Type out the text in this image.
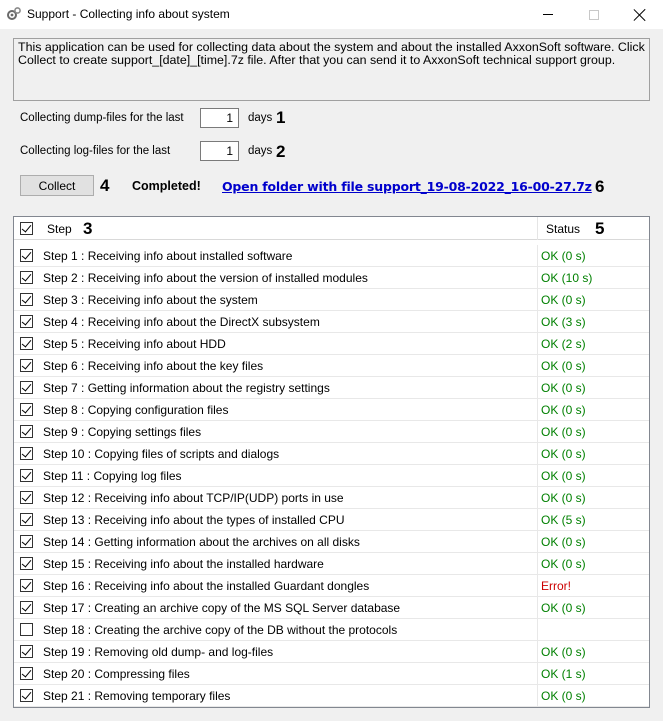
Support - Collecting info about system
This application can be used for collecting data about the system and about the installed AxxonSoft software. Click Collect to create support_[date]_[time].7z file. After that you can send it to AxxonSoft technical support group.
Collecting dump-files for the last	1	days 1
Collecting log-files for the last	1	days 2
Collect	4 Completed! Open folder with file support_19-08-2022_16-00-27.7z 6
Step 3	Status 5
Step 1 : Receiving info about installed software	OK (0 s)
Step 2 : Receiving info about the version of installed modules	OK (10 s)
Step 3 : Receiving info about the system	OK (0 s)
Step 4 : Receiving info about the DirectX subsystem	OK (3 s)
Step 5 : Receiving info about HDD	OK (2 s)
Step 6 : Receiving info about the key files	OK (0 s)
Step 7 : Getting information about the registry settings	OK (0 s)
Step 8 : Copying configuration files	OK (0 s)
Step 9 : Copying settings files	OK (0 s)
Step 10 : Copying files of scripts and dialogs	OK (0 s)
Step 11 : Copying log files	OK (0 s)
Step 12 : Receiving info about TCP/IP(UDP) ports in use	OK (0 s)
Step 13 : Receiving info about the types of installed CPU	OK (5 s)
Step 14 : Getting information about the archives on all disks	OK (0 s)
Step 15 : Receiving info about the installed hardware	OK (0 s)
Step 16 : Receiving info about the installed Guardant dongles	Error!
Step 17 : Creating an archive copy of the MS SQL Server database	OK (0 s)
Step 18 : Creating the archive copy of the DB without the protocols
Step 19 : Removing old dump- and log-files	OK (0 s)
Step 20 : Compressing files	OK (1 s)
Step 21 : Removing temporary files	OK (0 s)
